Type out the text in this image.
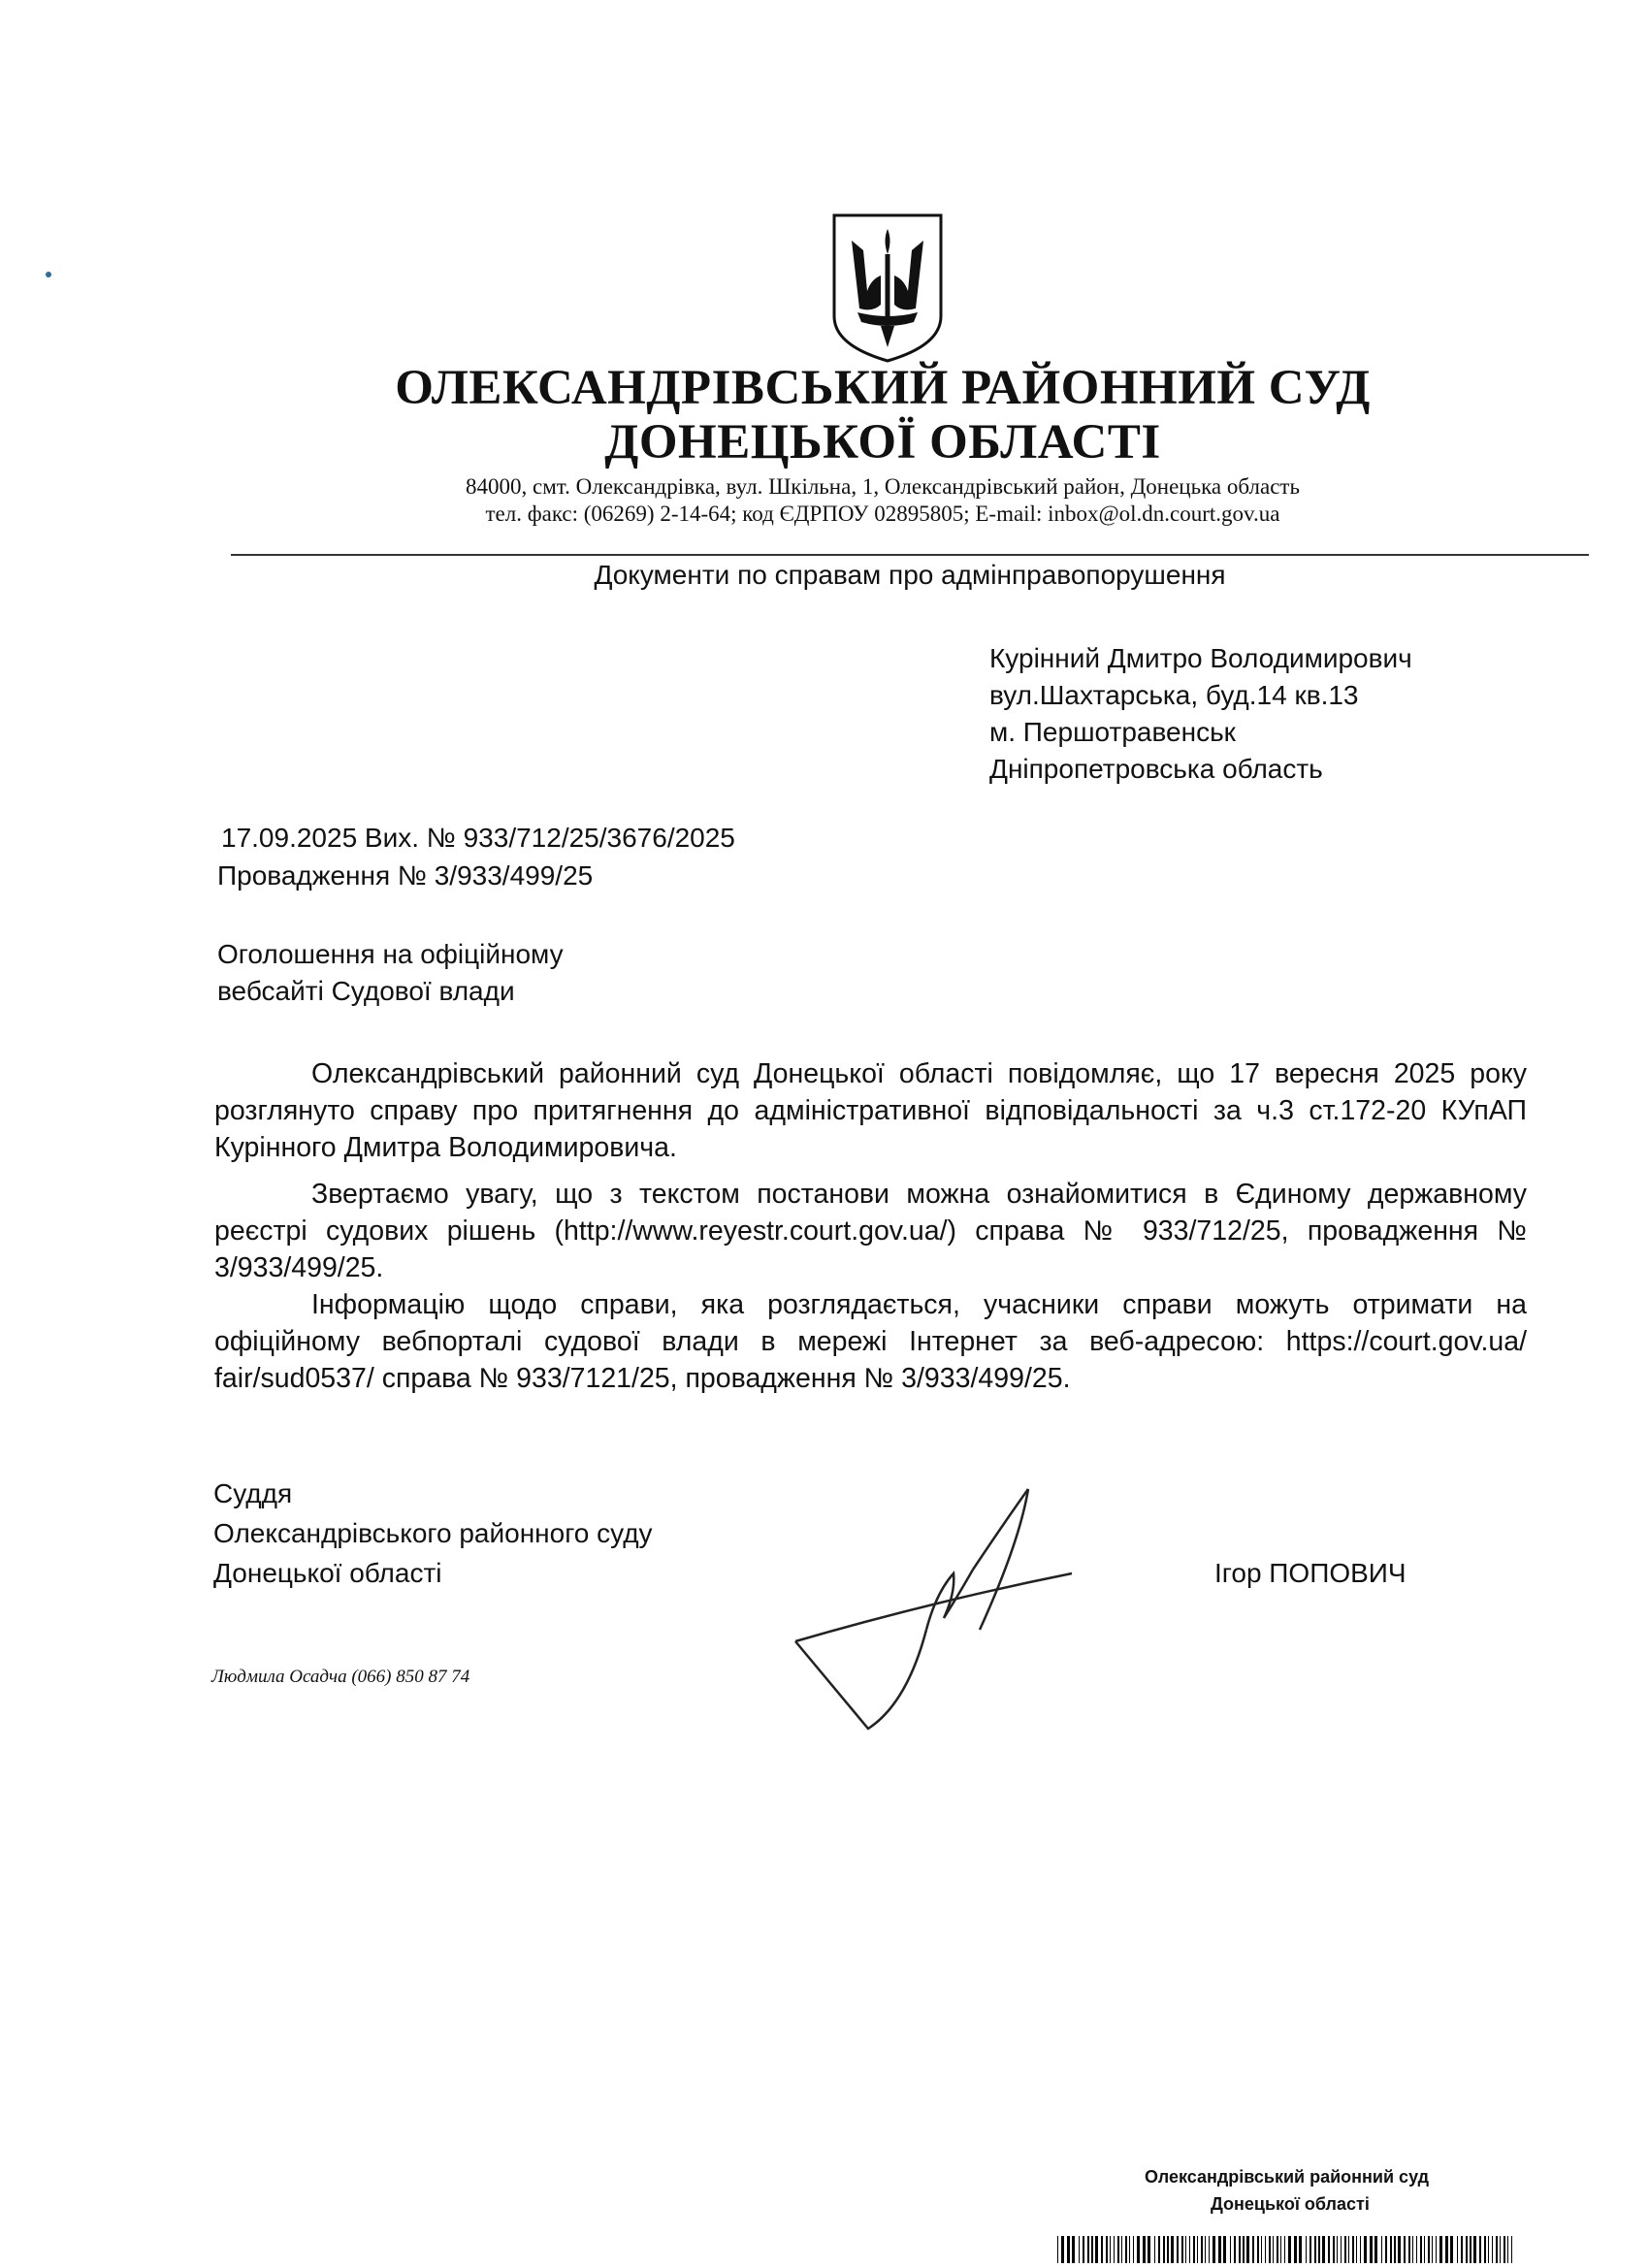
ОЛЕКСАНДРІВСЬКИЙ РАЙОННИЙ СУД
ДОНЕЦЬКОЇ ОБЛАСТІ
84000, смт. Олександрівка, вул. Шкільна, 1, Олександрівський район, Донецька область
тел. факс: (06269) 2-14-64; код ЄДРПОУ 02895805; E-mail: inbox@ol.dn.court.gov.ua
Документи по справам про адмінправопорушення
Курінний Дмитро Володимирович
вул.Шахтарська, буд.14 кв.13
м. Першотравенськ
Дніпропетровська область
17.09.2025 Вих. № 933/712/25/3676/2025
Провадження № 3/933/499/25
Оголошення на офіційному
вебсайті Судової влади
Олександрівський районний суд Донецької області повідомляє, що 17 вересня 2025 року розглянуто справу про притягнення до адміністративної відповідальності за ч.3 ст.172-20 КУпАП Курінного Дмитра Володимировича.
Звертаємо увагу, що з текстом постанови можна ознайомитися в Єдиному державному реєстрі судових рішень (http://www.reyestr.court.gov.ua/) справа № 933/712/25, провадження № 3/933/499/25.
Інформацію щодо справи, яка розглядається, учасники справи можуть отримати на офіційному вебпорталі судової влади в мережі Інтернет за веб-адресою: https://court.gov.ua/ fair/sud0537/ справа № 933/7121/25, провадження № 3/933/499/25.
Суддя
Олександрівського районного суду
Донецької області	Ігор ПОПОВИЧ
Людмила Осадча (066) 850 87 74
Олександрівський районний суд
Донецької області
